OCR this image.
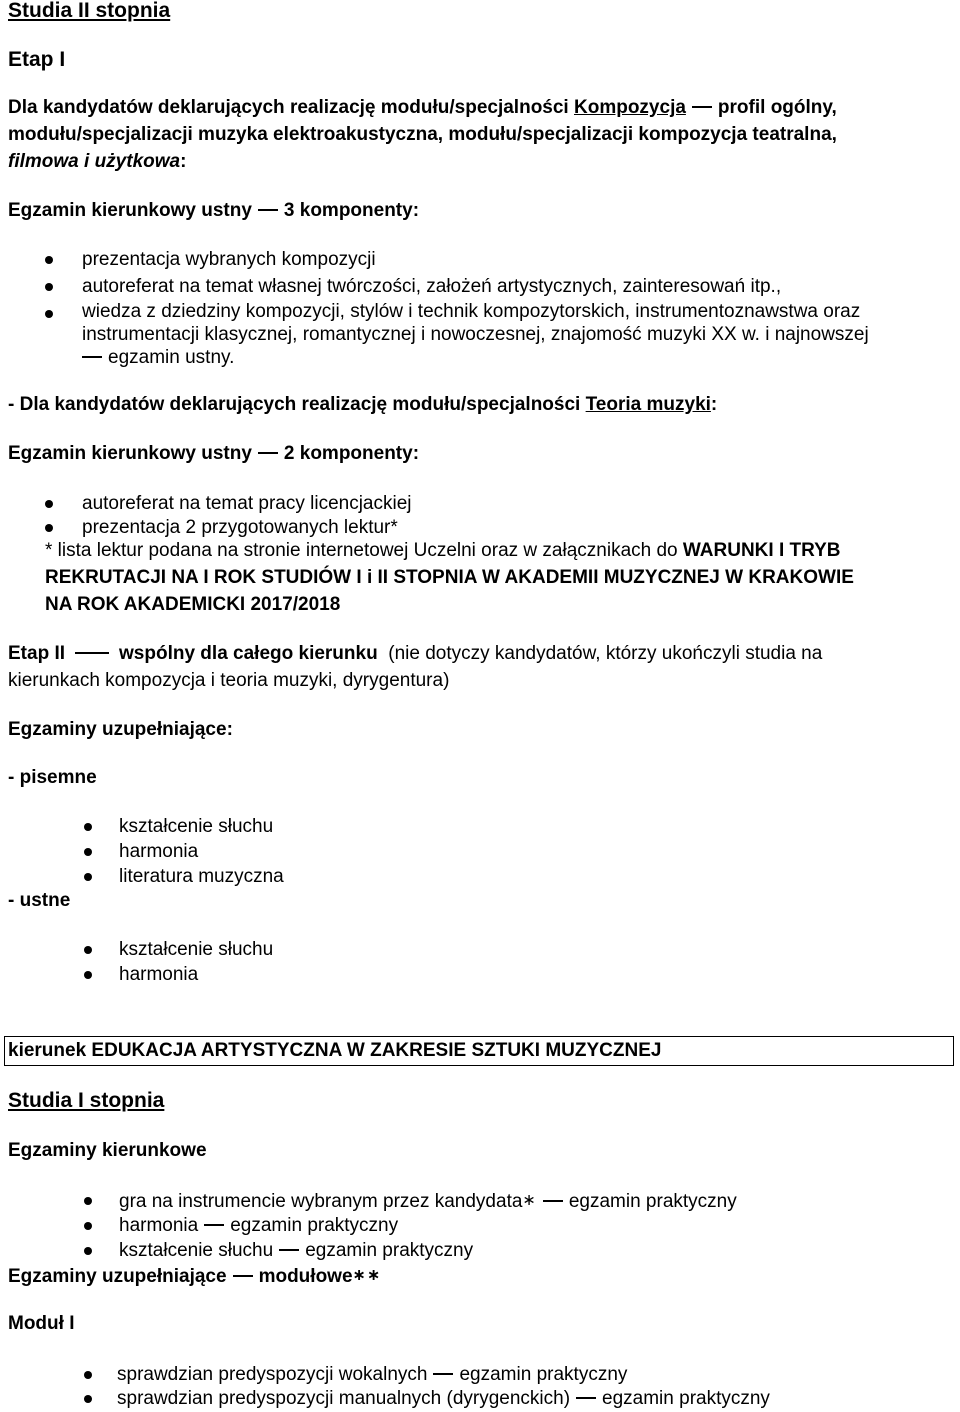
Studia II stopnia
Etap I
Dla kandydatów deklarujących realizację modułu/specjalności Kompozycja profil ogólny,
modułu/specjalizacji muzyka elektroakustyczna, modułu/specjalizacji kompozycja teatralna,
filmowa i użytkowa:
Egzamin kierunkowy ustny 3 komponenty:
prezentacja wybranych kompozycji
autoreferat na temat własnej twórczości, założeń artystycznych, zainteresowań itp.,
wiedza z dziedziny kompozycji, stylów i technik kompozytorskich, instrumentoznawstwa oraz
instrumentacji klasycznej, romantycznej i nowoczesnej, znajomość muzyki XX w. i najnowszej
egzamin ustny.
- Dla kandydatów deklarujących realizację modułu/specjalności Teoria muzyki:
Egzamin kierunkowy ustny 2 komponenty:
autoreferat na temat pracy licencjackiej
prezentacja 2 przygotowanych lektur*
* lista lektur podana na stronie internetowej Uczelni oraz w załącznikach do WARUNKI I TRYB
REKRUTACJI NA I ROK STUDIÓW I i II STOPNIA W AKADEMII MUZYCZNEJ W KRAKOWIE
NA ROK AKADEMICKI 2017/2018
Etap II	wspólny dla całego kierunku (nie dotyczy kandydatów, którzy ukończyli studia na
kierunkach kompozycja i teoria muzyki, dyrygentura)
Egzaminy uzupełniające:
- pisemne
kształcenie słuchu
harmonia
literatura muzyczna
- ustne
kształcenie słuchu
harmonia
kierunek EDUKACJA ARTYSTYCZNA W ZAKRESIE SZTUKI MUZYCZNEJ
Studia I stopnia
Egzaminy kierunkowe
gra na instrumencie wybranym przez kandydata∗ egzamin praktyczny
harmonia egzamin praktyczny
kształcenie słuchu egzamin praktyczny
Egzaminy uzupełniające modułowe∗∗
Moduł I
sprawdzian predyspozycji wokalnych egzamin praktyczny
sprawdzian predyspozycji manualnych (dyrygenckich) egzamin praktyczny
